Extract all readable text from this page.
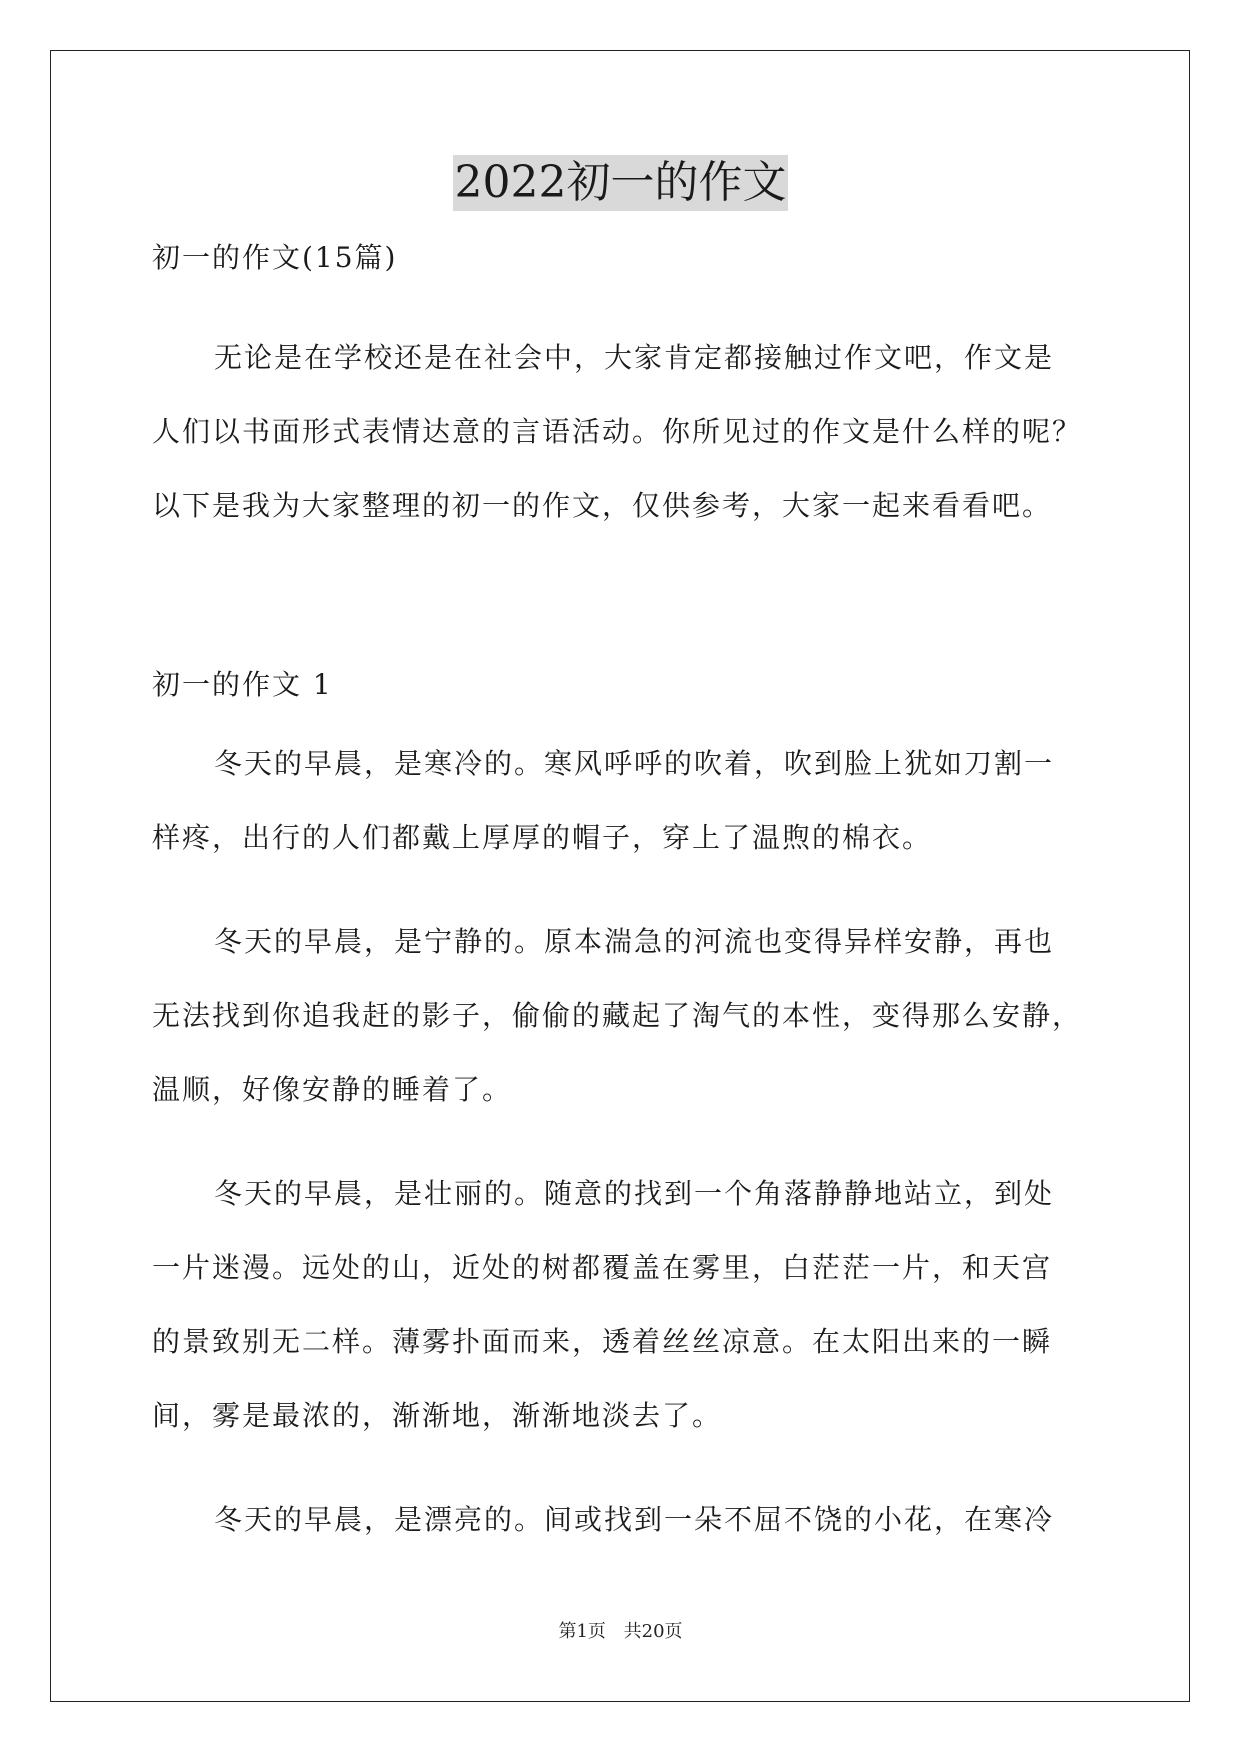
2022初一的作文
初一的作文(15篇)
无论是在学校还是在社会中，大家肯定都接触过作文吧，作文是
人们以书面形式表情达意的言语活动。你所见过的作文是什么样的呢？
以下是我为大家整理的初一的作文，仅供参考，大家一起来看看吧。
初一的作文 1
冬天的早晨，是寒冷的。寒风呼呼的吹着，吹到脸上犹如刀割一
样疼，出行的人们都戴上厚厚的帽子，穿上了温煦的棉衣。
冬天的早晨，是宁静的。原本湍急的河流也变得异样安静，再也
无法找到你追我赶的影子，偷偷的藏起了淘气的本性，变得那么安静，
温顺，好像安静的睡着了。
冬天的早晨，是壮丽的。随意的找到一个角落静静地站立，到处
一片迷漫。远处的山，近处的树都覆盖在雾里，白茫茫一片，和天宫
的景致别无二样。薄雾扑面而来，透着丝丝凉意。在太阳出来的一瞬
间，雾是最浓的，渐渐地，渐渐地淡去了。
冬天的早晨，是漂亮的。间或找到一朵不屈不饶的小花，在寒冷
第1页 共20页
